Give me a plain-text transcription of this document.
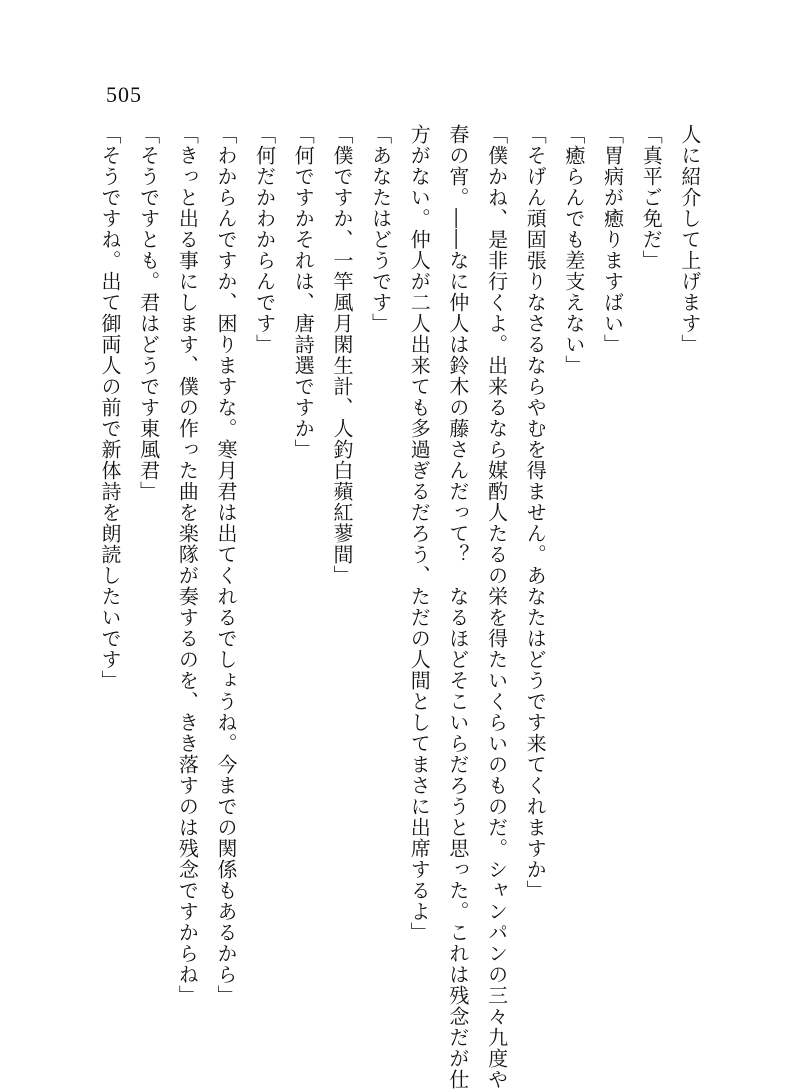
505
人に紹介して上げます」
「真平ご免だ」
「胃病が癒りますばい」
「癒らんでも差支えない」
「そげん頑固張りなさるならやむを得ません。あなたはどうです来てくれますか」
「僕かね、是非行くよ。出来るなら媒酌人たるの栄を得たいくらいのものだ。シャンパンの三々九度や
春の宵。――なに仲人は鈴木の藤さんだって？　なるほどそこいらだろうと思った。これは残念だが仕
方がない。仲人が二人出来ても多過ぎるだろう、ただの人間としてまさに出席するよ」
「あなたはどうです」
「僕ですか、一竿風月閑生計、人釣白蘋紅蓼間」
「何ですかそれは、唐詩選ですか」
「何だかわからんです」
「わからんですか、困りますな。寒月君は出てくれるでしょうね。今までの関係もあるから」
「きっと出る事にします、僕の作った曲を楽隊が奏するのを、きき落すのは残念ですからね」
「そうですとも。君はどうです東風君」
「そうですね。出て御両人の前で新体詩を朗読したいです」
